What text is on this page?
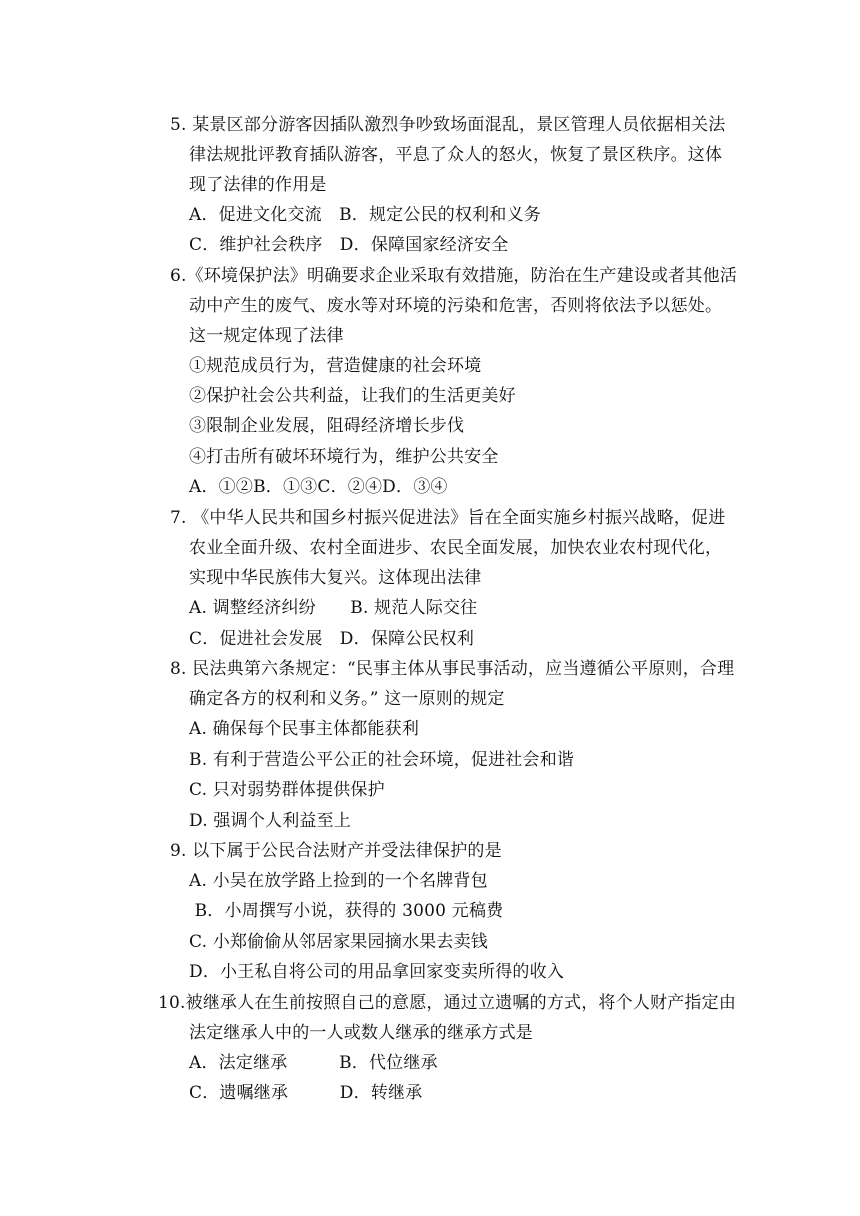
5. 某景区部分游客因插队激烈争吵致场面混乱，景区管理人员依据相关法
律法规批评教育插队游客，平息了众人的怒火，恢复了景区秩序。这体
现了法律的作用是
A．促进文化交流　B．规定公民的权利和义务
C．维护社会秩序　D．保障国家经济安全
6.《环境保护法》明确要求企业采取有效措施，防治在生产建设或者其他活
动中产生的废气、废水等对环境的污染和危害，否则将依法予以惩处。
这一规定体现了法律
①规范成员行为，营造健康的社会环境
②保护社会公共利益，让我们的生活更美好
③限制企业发展，阻碍经济增长步伐
④打击所有破坏环境行为，维护公共安全
A．①②B．①③C．②④D．③④
7. 《中华人民共和国乡村振兴促进法》旨在全面实施乡村振兴战略，促进
农业全面升级、农村全面进步、农民全面发展，加快农业农村现代化，
实现中华民族伟大复兴。这体现出法律
A. 调整经济纠纷　　B. 规范人际交往
C．促进社会发展　D．保障公民权利
8. 民法典第六条规定：“民事主体从事民事活动，应当遵循公平原则，合理
确定各方的权利和义务。” 这一原则的规定
A. 确保每个民事主体都能获利
B. 有利于营造公平公正的社会环境，促进社会和谐
C. 只对弱势群体提供保护
D. 强调个人利益至上
9. 以下属于公民合法财产并受法律保护的是
A. 小吴在放学路上捡到的一个名牌背包
B．小周撰写小说，获得的 3000 元稿费
C. 小郑偷偷从邻居家果园摘水果去卖钱
D．小王私自将公司的用品拿回家变卖所得的收入
10.被继承人在生前按照自己的意愿，通过立遗嘱的方式，将个人财产指定由
法定继承人中的一人或数人继承的继承方式是
A．法定继承　　　B．代位继承
C．遗嘱继承　　　D．转继承
